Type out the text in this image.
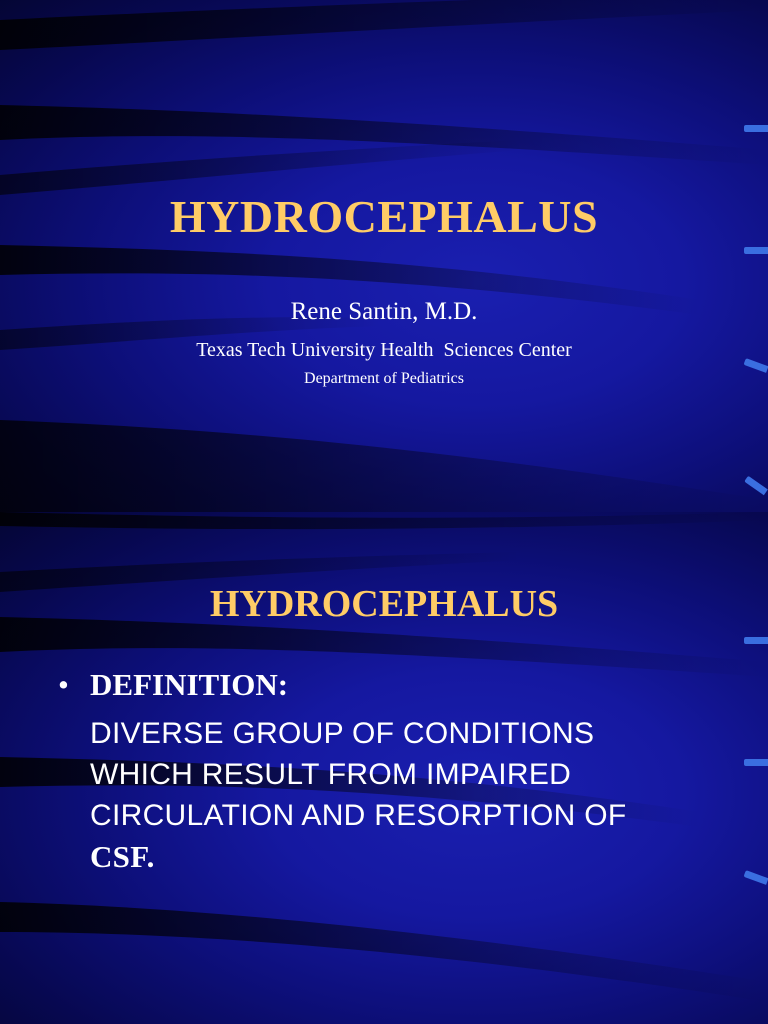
HYDROCEPHALUS

Rene Santin, M.D.

Texas Tech University Health  Sciences Center

Department of Pediatrics

HYDROCEPHALUS
• DEFINITION:
DIVERSE GROUP OF CONDITIONS
WHICH RESULT FROM IMPAIRED
CIRCULATION AND RESORPTION OF
CSF.
